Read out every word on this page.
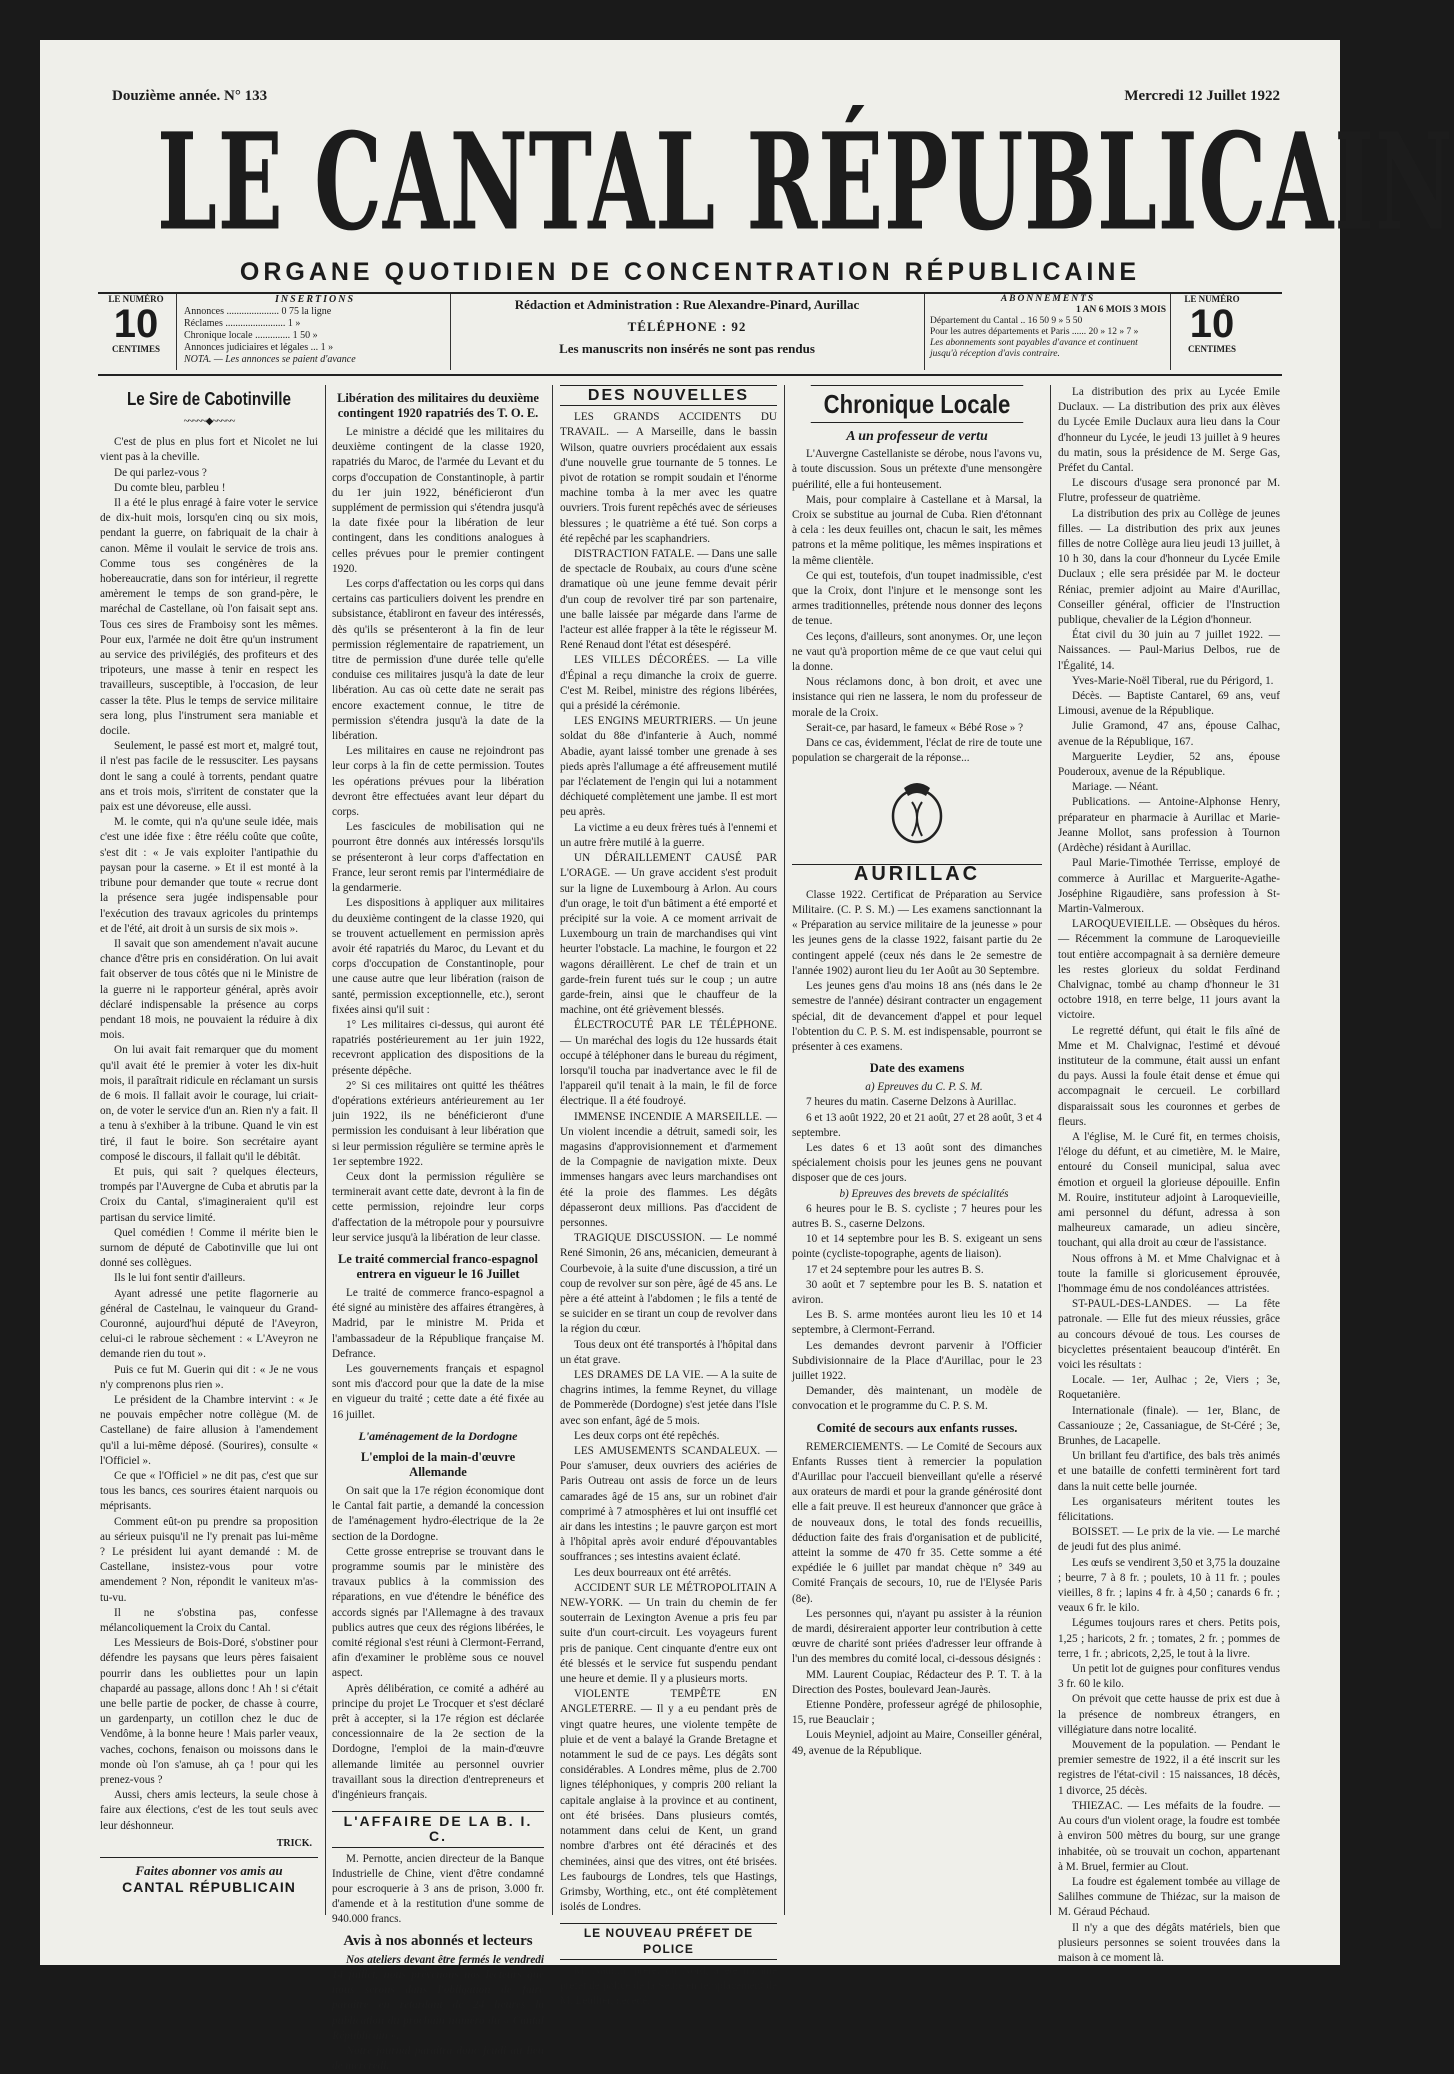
Douzième année. N° 133	Mercredi 12 Juillet 1922
LE CANTAL RÉPUBLICAIN
ORGANE QUOTIDIEN DE CONCENTRATION RÉPUBLICAINE
LE NUMÉRO
10
CENTIMES
INSERTIONS
Annonces ..................... 0 75 la ligne
Réclames ........................ 1 »
Chronique locale .............. 1 50 »
Annonces judiciaires et légales ... 1 »
NOTA. — Les annonces se paient d'avance
Rédaction et Administration : Rue Alexandre-Pinard, Aurillac
TÉLÉPHONE : 92
Les manuscrits non insérés ne sont pas rendus
ABONNEMENTS
1 AN 6 MOIS 3 MOIS
Département du Cantal .. 16 50 9 » 5 50
Pour les autres départements et Paris ...... 20 » 12 » 7 »
Les abonnements sont payables d'avance et continuent jusqu'à réception d'avis contraire.
LE NUMÉRO
10
CENTIMES
Le Sire de Cabotinville
~~~~~◆~~~~~

C'est de plus en plus fort et Nicolet ne lui vient pas à la cheville.

De qui parlez-vous ?

Du comte bleu, parbleu !

Il a été le plus enragé à faire voter le service de dix-huit mois, lorsqu'en cinq ou six mois, pendant la guerre, on fabriquait de la chair à canon. Même il voulait le service de trois ans. Comme tous ses congénères de la hobereaucratie, dans son for intérieur, il regrette amèrement le temps de son grand-père, le maréchal de Castellane, où l'on faisait sept ans. Tous ces sires de Framboisy sont les mêmes. Pour eux, l'armée ne doit être qu'un instrument au service des privilégiés, des profiteurs et des tripoteurs, une masse à tenir en respect les travailleurs, susceptible, à l'occasion, de leur casser la tête. Plus le temps de service militaire sera long, plus l'instrument sera maniable et docile.

Seulement, le passé est mort et, malgré tout, il n'est pas facile de le ressusciter. Les paysans dont le sang a coulé à torrents, pendant quatre ans et trois mois, s'irritent de constater que la paix est une dévoreuse, elle aussi.

M. le comte, qui n'a qu'une seule idée, mais c'est une idée fixe : être réélu coûte que coûte, s'est dit : « Je vais exploiter l'antipathie du paysan pour la caserne. » Et il est monté à la tribune pour demander que toute « recrue dont la présence sera jugée indispensable pour l'exécution des travaux agricoles du printemps et de l'été, ait droit à un sursis de six mois ».

Il savait que son amendement n'avait aucune chance d'être pris en considération. On lui avait fait observer de tous côtés que ni le Ministre de la guerre ni le rapporteur général, après avoir déclaré indispensable la présence au corps pendant 18 mois, ne pouvaient la réduire à dix mois.

On lui avait fait remarquer que du moment qu'il avait été le premier à voter les dix-huit mois, il paraîtrait ridicule en réclamant un sursis de 6 mois. Il fallait avoir le courage, lui criait-on, de voter le service d'un an. Rien n'y a fait. Il a tenu à s'exhiber à la tribune. Quand le vin est tiré, il faut le boire. Son secrétaire ayant composé le discours, il fallait qu'il le débitât.

Et puis, qui sait ? quelques électeurs, trompés par l'Auvergne de Cuba et abrutis par la Croix du Cantal, s'imagineraient qu'il est partisan du service limité.

Quel comédien ! Comme il mérite bien le surnom de député de Cabotinville que lui ont donné ses collègues.

Ils le lui font sentir d'ailleurs.

Ayant adressé une petite flagornerie au général de Castelnau, le vainqueur du Grand-Couronné, aujourd'hui député de l'Aveyron, celui-ci le rabroue sèchement : « L'Aveyron ne demande rien du tout ».

Puis ce fut M. Guerin qui dit : « Je ne vous n'y comprenons plus rien ».

Le président de la Chambre intervint : « Je ne pouvais empêcher notre collègue (M. de Castellane) de faire allusion à l'amendement qu'il a lui-même déposé. (Sourires), consulte « l'Officiel ».

Ce que « l'Officiel » ne dit pas, c'est que sur tous les bancs, ces sourires étaient narquois ou méprisants.

Comment eût-on pu prendre sa proposition au sérieux puisqu'il ne l'y prenait pas lui-même ? Le président lui ayant demandé : M. de Castellane, insistez-vous pour votre amendement ? Non, répondit le vaniteux m'as-tu-vu.

Il ne s'obstina pas, confesse mélancoliquement la Croix du Cantal.

Les Messieurs de Bois-Doré, s'obstiner pour défendre les paysans que leurs pères faisaient pourrir dans les oubliettes pour un lapin chapardé au passage, allons donc ! Ah ! si c'était une belle partie de pocker, de chasse à courre, un gardenparty, un cotillon chez le duc de Vendôme, à la bonne heure ! Mais parler veaux, vaches, cochons, fenaison ou moissons dans le monde où l'on s'amuse, ah ça ! pour qui les prenez-vous ?

Aussi, chers amis lecteurs, la seule chose à faire aux élections, c'est de les tout seuls avec leur déshonneur.

TRICK.
Faites abonner vos amis au
CANTAL RÉPUBLICAIN
Libération des militaires du deuxième contingent 1920 rapatriés des T. O. E.

Le ministre a décidé que les militaires du deuxième contingent de la classe 1920, rapatriés du Maroc, de l'armée du Levant et du corps d'occupation de Constantinople, à partir du 1er juin 1922, bénéficieront d'un supplément de permission qui s'étendra jusqu'à la date fixée pour la libération de leur contingent, dans les conditions analogues à celles prévues pour le premier contingent 1920.

Les corps d'affectation ou les corps qui dans certains cas particuliers doivent les prendre en subsistance, établiront en faveur des intéressés, dès qu'ils se présenteront à la fin de leur permission réglementaire de rapatriement, un titre de permission d'une durée telle qu'elle conduise ces militaires jusqu'à la date de leur libération. Au cas où cette date ne serait pas encore exactement connue, le titre de permission s'étendra jusqu'à la date de la libération.

Les militaires en cause ne rejoindront pas leur corps à la fin de cette permission. Toutes les opérations prévues pour la libération devront être effectuées avant leur départ du corps.

Les fascicules de mobilisation qui ne pourront être donnés aux intéressés lorsqu'ils se présenteront à leur corps d'affectation en France, leur seront remis par l'intermédiaire de la gendarmerie.

Les dispositions à appliquer aux militaires du deuxième contingent de la classe 1920, qui se trouvent actuellement en permission après avoir été rapatriés du Maroc, du Levant et du corps d'occupation de Constantinople, pour une cause autre que leur libération (raison de santé, permission exceptionnelle, etc.), seront fixées ainsi qu'il suit :

1° Les militaires ci-dessus, qui auront été rapatriés postérieurement au 1er juin 1922, recevront application des dispositions de la présente dépêche.

2° Si ces militaires ont quitté les théâtres d'opérations extérieurs antérieurement au 1er juin 1922, ils ne bénéficieront d'une permission les conduisant à leur libération que si leur permission régulière se termine après le 1er septembre 1922.

Ceux dont la permission régulière se terminerait avant cette date, devront à la fin de cette permission, rejoindre leur corps d'affectation de la métropole pour y poursuivre leur service jusqu'à la libération de leur classe.

Le traité commercial franco-espagnol entrera en vigueur le 16 Juillet

Le traité de commerce franco-espagnol a été signé au ministère des affaires étrangères, à Madrid, par le ministre M. Prida et l'ambassadeur de la République française M. Defrance.

Les gouvernements français et espagnol sont mis d'accord pour que la date de la mise en vigueur du traité ; cette date a été fixée au 16 juillet.

L'aménagement de la Dordogne
L'emploi de la main-d'œuvre Allemande

On sait que la 17e région économique dont le Cantal fait partie, a demandé la concession de l'aménagement hydro-électrique de la 2e section de la Dordogne.

Cette grosse entreprise se trouvant dans le programme soumis par le ministère des travaux publics à la commission des réparations, en vue d'étendre le bénéfice des accords signés par l'Allemagne à des travaux publics autres que ceux des régions libérées, le comité régional s'est réuni à Clermont-Ferrand, afin d'examiner le problème sous ce nouvel aspect.

Après délibération, ce comité a adhéré au principe du projet Le Trocquer et s'est déclaré prêt à accepter, si la 17e région est déclarée concessionnaire de la 2e section de la Dordogne, l'emploi de la main-d'œuvre allemande limitée au personnel ouvrier travaillant sous la direction d'entrepreneurs et d'ingénieurs français.

L'AFFAIRE DE LA B. I. C.

M. Pernotte, ancien directeur de la Banque Industrielle de Chine, vient d'être condamné pour escroquerie à 3 ans de prison, 3.000 fr. d'amende et à la restitution d'une somme de 940.000 francs.

Avis à nos abonnés et lecteurs

Nos ateliers devant être fermés le vendredi 14 juillet, nous prévenons nos lecteurs que nous serons dans l'obligation de faire paraître en retardant de 24 heures la publication du prochain numéro du « Cantal Républicain ».

Notre journal paraîtra donc jeudi au lieu de mercredi.

DES NOUVELLES

LES GRANDS ACCIDENTS DU TRAVAIL. — A Marseille, dans le bassin Wilson, quatre ouvriers procédaient aux essais d'une nouvelle grue tournante de 5 tonnes. Le pivot de rotation se rompit soudain et l'énorme machine tomba à la mer avec les quatre ouvriers. Trois furent repêchés avec de sérieuses blessures ; le quatrième a été tué. Son corps a été repêché par les scaphandriers.

DISTRACTION FATALE. — Dans une salle de spectacle de Roubaix, au cours d'une scène dramatique où une jeune femme devait périr d'un coup de revolver tiré par son partenaire, une balle laissée par mégarde dans l'arme de l'acteur est allée frapper à la tête le régisseur M. René Renaud dont l'état est désespéré.

LES VILLES DÉCORÉES. — La ville d'Épinal a reçu dimanche la croix de guerre. C'est M. Reibel, ministre des régions libérées, qui a présidé la cérémonie.

LES ENGINS MEURTRIERS. — Un jeune soldat du 88e d'infanterie à Auch, nommé Abadie, ayant laissé tomber une grenade à ses pieds après l'allumage a été affreusement mutilé par l'éclatement de l'engin qui lui a notamment déchiqueté complètement une jambe. Il est mort peu après.

La victime a eu deux frères tués à l'ennemi et un autre frère mutilé à la guerre.

UN DÉRAILLEMENT CAUSÉ PAR L'ORAGE. — Un grave accident s'est produit sur la ligne de Luxembourg à Arlon. Au cours d'un orage, le toit d'un bâtiment a été emporté et précipité sur la voie. A ce moment arrivait de Luxembourg un train de marchandises qui vint heurter l'obstacle. La machine, le fourgon et 22 wagons déraillèrent. Le chef de train et un garde-frein furent tués sur le coup ; un autre garde-frein, ainsi que le chauffeur de la machine, ont été grièvement blessés.

ÉLECTROCUTÉ PAR LE TÉLÉPHONE. — Un maréchal des logis du 12e hussards était occupé à téléphoner dans le bureau du régiment, lorsqu'il toucha par inadvertance avec le fil de l'appareil qu'il tenait à la main, le fil de force électrique. Il a été foudroyé.

IMMENSE INCENDIE A MARSEILLE. — Un violent incendie a détruit, samedi soir, les magasins d'approvisionnement et d'armement de la Compagnie de navigation mixte. Deux immenses hangars avec leurs marchandises ont été la proie des flammes. Les dégâts dépasseront deux millions. Pas d'accident de personnes.

TRAGIQUE DISCUSSION. — Le nommé René Simonin, 26 ans, mécanicien, demeurant à Courbevoie, à la suite d'une discussion, a tiré un coup de revolver sur son père, âgé de 45 ans. Le père a été atteint à l'abdomen ; le fils a tenté de se suicider en se tirant un coup de revolver dans la région du cœur.

Tous deux ont été transportés à l'hôpital dans un état grave.

LES DRAMES DE LA VIE. — A la suite de chagrins intimes, la femme Reynet, du village de Pommerède (Dordogne) s'est jetée dans l'Isle avec son enfant, âgé de 5 mois.

Les deux corps ont été repêchés.

LES AMUSEMENTS SCANDALEUX. — Pour s'amuser, deux ouvriers des aciéries de Paris Outreau ont assis de force un de leurs camarades âgé de 15 ans, sur un robinet d'air comprimé à 7 atmosphères et lui ont insufflé cet air dans les intestins ; le pauvre garçon est mort à l'hôpital après avoir enduré d'épouvantables souffrances ; ses intestins avaient éclaté.

Les deux bourreaux ont été arrêtés.

ACCIDENT SUR LE MÉTROPOLITAIN A NEW-YORK. — Un train du chemin de fer souterrain de Lexington Avenue a pris feu par suite d'un court-circuit. Les voyageurs furent pris de panique. Cent cinquante d'entre eux ont été blessés et le service fut suspendu pendant une heure et demie. Il y a plusieurs morts.

VIOLENTE TEMPÊTE EN ANGLETERRE. — Il y a eu pendant près de vingt quatre heures, une violente tempête de pluie et de vent a balayé la Grande Bretagne et notamment le sud de ce pays. Les dégâts sont considérables. A Londres même, plus de 2.700 lignes téléphoniques, y compris 200 reliant la capitale anglaise à la province et au continent, ont été brisées. Dans plusieurs comtés, notamment dans celui de Kent, un grand nombre d'arbres ont été déracinés et des cheminées, ainsi que des vitres, ont été brisées. Les faubourgs de Londres, tels que Hastings, Grimsby, Worthing, etc., ont été complètement isolés de Londres.

LE NOUVEAU PRÉFET DE POLICE

M. Naudin, préfet du Nord, a été nommé préfet de police de la Seine en remplacement de M. Leullier, décédé.

Chronique Locale
A un professeur de vertu

L'Auvergne Castellaniste se dérobe, nous l'avons vu, à toute discussion. Sous un prétexte d'une mensongère puérilité, elle a fui honteusement.

Mais, pour complaire à Castellane et à Marsal, la Croix se substitue au journal de Cuba. Rien d'étonnant à cela : les deux feuilles ont, chacun le sait, les mêmes patrons et la même politique, les mêmes inspirations et la même clientèle.

Ce qui est, toutefois, d'un toupet inadmissible, c'est que la Croix, dont l'injure et le mensonge sont les armes traditionnelles, prétende nous donner des leçons de tenue.

Ces leçons, d'ailleurs, sont anonymes. Or, une leçon ne vaut qu'à proportion même de ce que vaut celui qui la donne.

Nous réclamons donc, à bon droit, et avec une insistance qui rien ne lassera, le nom du professeur de morale de la Croix.

Serait-ce, par hasard, le fameux « Bébé Rose » ?

Dans ce cas, évidemment, l'éclat de rire de toute une population se chargerait de la réponse...

AURILLAC

Classe 1922. Certificat de Préparation au Service Militaire. (C. P. S. M.) — Les examens sanctionnant la « Préparation au service militaire de la jeunesse » pour les jeunes gens de la classe 1922, faisant partie du 2e contingent appelé (ceux nés dans le 2e semestre de l'année 1902) auront lieu du 1er Août au 30 Septembre.

Les jeunes gens d'au moins 18 ans (nés dans le 2e semestre de l'année) désirant contracter un engagement spécial, dit de devancement d'appel et pour lequel l'obtention du C. P. S. M. est indispensable, pourront se présenter à ces examens.

Date des examens

a) Epreuves du C. P. S. M.

7 heures du matin. Caserne Delzons à Aurillac.

6 et 13 août 1922, 20 et 21 août, 27 et 28 août, 3 et 4 septembre.

Les dates 6 et 13 août sont des dimanches spécialement choisis pour les jeunes gens ne pouvant disposer que de ces jours.

b) Epreuves des brevets de spécialités

6 heures pour le B. S. cycliste ; 7 heures pour les autres B. S., caserne Delzons.

10 et 14 septembre pour les B. S. exigeant un sens pointe (cycliste-topographe, agents de liaison).

17 et 24 septembre pour les autres B. S.

30 août et 7 septembre pour les B. S. natation et aviron.

Les B. S. arme montées auront lieu les 10 et 14 septembre, à Clermont-Ferrand.

Les demandes devront parvenir à l'Officier Subdivisionnaire de la Place d'Aurillac, pour le 23 juillet 1922.

Demander, dès maintenant, un modèle de convocation et le programme du C. P. S. M.

Comité de secours aux enfants russes.

REMERCIEMENTS. — Le Comité de Secours aux Enfants Russes tient à remercier la population d'Aurillac pour l'accueil bienveillant qu'elle a réservé aux orateurs de mardi et pour la grande générosité dont elle a fait preuve. Il est heureux d'annoncer que grâce à de nouveaux dons, le total des fonds recueillis, déduction faite des frais d'organisation et de publicité, atteint la somme de 470 fr 35. Cette somme a été expédiée le 6 juillet par mandat chèque n° 349 au Comité Français de secours, 10, rue de l'Elysée Paris (8e).

Les personnes qui, n'ayant pu assister à la réunion de mardi, désireraient apporter leur contribution à cette œuvre de charité sont priées d'adresser leur offrande à l'un des membres du comité local, ci-dessous désignés :

MM. Laurent Coupiac, Rédacteur des P. T. T. à la Direction des Postes, boulevard Jean-Jaurès.

Etienne Pondère, professeur agrégé de philosophie, 15, rue Beauclair ;

Louis Meyniel, adjoint au Maire, Conseiller général, 49, avenue de la République.

La distribution des prix au Lycée Emile Duclaux. — La distribution des prix aux élèves du Lycée Emile Duclaux aura lieu dans la Cour d'honneur du Lycée, le jeudi 13 juillet à 9 heures du matin, sous la présidence de M. Serge Gas, Préfet du Cantal.

Le discours d'usage sera prononcé par M. Flutre, professeur de quatrième.

La distribution des prix au Collège de jeunes filles. — La distribution des prix aux jeunes filles de notre Collège aura lieu jeudi 13 juillet, à 10 h 30, dans la cour d'honneur du Lycée Emile Duclaux ; elle sera présidée par M. le docteur Réniac, premier adjoint au Maire d'Aurillac, Conseiller général, officier de l'Instruction publique, chevalier de la Légion d'honneur.

État civil du 30 juin au 7 juillet 1922. — Naissances. — Paul-Marius Delbos, rue de l'Égalité, 14.

Yves-Marie-Noël Tiberal, rue du Périgord, 1.

Décès. — Baptiste Cantarel, 69 ans, veuf Limousi, avenue de la République.

Julie Gramond, 47 ans, épouse Calhac, avenue de la République, 167.

Marguerite Leydier, 52 ans, épouse Pouderoux, avenue de la République.

Mariage. — Néant.

Publications. — Antoine-Alphonse Henry, préparateur en pharmacie à Aurillac et Marie-Jeanne Mollot, sans profession à Tournon (Ardèche) résidant à Aurillac.

Paul Marie-Timothée Terrisse, employé de commerce à Aurillac et Marguerite-Agathe-Joséphine Rigaudière, sans profession à St-Martin-Valmeroux.

LAROQUEVIEILLE. — Obsèques du héros. — Récemment la commune de Laroquevieille tout entière accompagnait à sa dernière demeure les restes glorieux du soldat Ferdinand Chalvignac, tombé au champ d'honneur le 31 octobre 1918, en terre belge, 11 jours avant la victoire.

Le regretté défunt, qui était le fils aîné de Mme et M. Chalvignac, l'estimé et dévoué instituteur de la commune, était aussi un enfant du pays. Aussi la foule était dense et émue qui accompagnait le cercueil. Le corbillard disparaissait sous les couronnes et gerbes de fleurs.

A l'église, M. le Curé fit, en termes choisis, l'éloge du défunt, et au cimetière, M. le Maire, entouré du Conseil municipal, salua avec émotion et orgueil la glorieuse dépouille. Enfin M. Rouire, instituteur adjoint à Laroquevieille, ami personnel du défunt, adressa à son malheureux camarade, un adieu sincère, touchant, qui alla droit au cœur de l'assistance.

Nous offrons à M. et Mme Chalvignac et à toute la famille si gloricusement éprouvée, l'hommage ému de nos condoléances attristées.

ST-PAUL-DES-LANDES. — La fête patronale. — Elle fut des mieux réussies, grâce au concours dévoué de tous. Les courses de bicyclettes présentaient beaucoup d'intérêt. En voici les résultats :

Locale. — 1er, Aulhac ; 2e, Viers ; 3e, Roquetanière.

Internationale (finale). — 1er, Blanc, de Cassaniouze ; 2e, Cassaniague, de St-Céré ; 3e, Brunhes, de Lacapelle.

Un brillant feu d'artifice, des bals très animés et une bataille de confetti terminèrent fort tard dans la nuit cette belle journée.

Les organisateurs méritent toutes les félicitations.

BOISSET. — Le prix de la vie. — Le marché de jeudi fut des plus animé.

Les œufs se vendirent 3,50 et 3,75 la douzaine ; beurre, 7 à 8 fr. ; poulets, 10 à 11 fr. ; poules vieilles, 8 fr. ; lapins 4 fr. à 4,50 ; canards 6 fr. ; veaux 6 fr. le kilo.

Légumes toujours rares et chers. Petits pois, 1,25 ; haricots, 2 fr. ; tomates, 2 fr. ; pommes de terre, 1 fr. ; abricots, 2,25, le tout à la livre.

Un petit lot de guignes pour confitures vendus 3 fr. 60 le kilo.

On prévoit que cette hausse de prix est due à la présence de nombreux étrangers, en villégiature dans notre localité.

Mouvement de la population. — Pendant le premier semestre de 1922, il a été inscrit sur les registres de l'état-civil : 15 naissances, 18 décès, 1 divorce, 25 décès.

THIEZAC. — Les méfaits de la foudre. — Au cours d'un violent orage, la foudre est tombée à environ 500 mètres du bourg, sur une grange inhabitée, où se trouvait un cochon, appartenant à M. Bruel, fermier au Clout.

La foudre est également tombée au village de Salilhes commune de Thiézac, sur la maison de M. Géraud Péchaud.

Il n'y a que des dégâts matériels, bien que plusieurs personnes se soient trouvées dans la maison à ce moment là.
